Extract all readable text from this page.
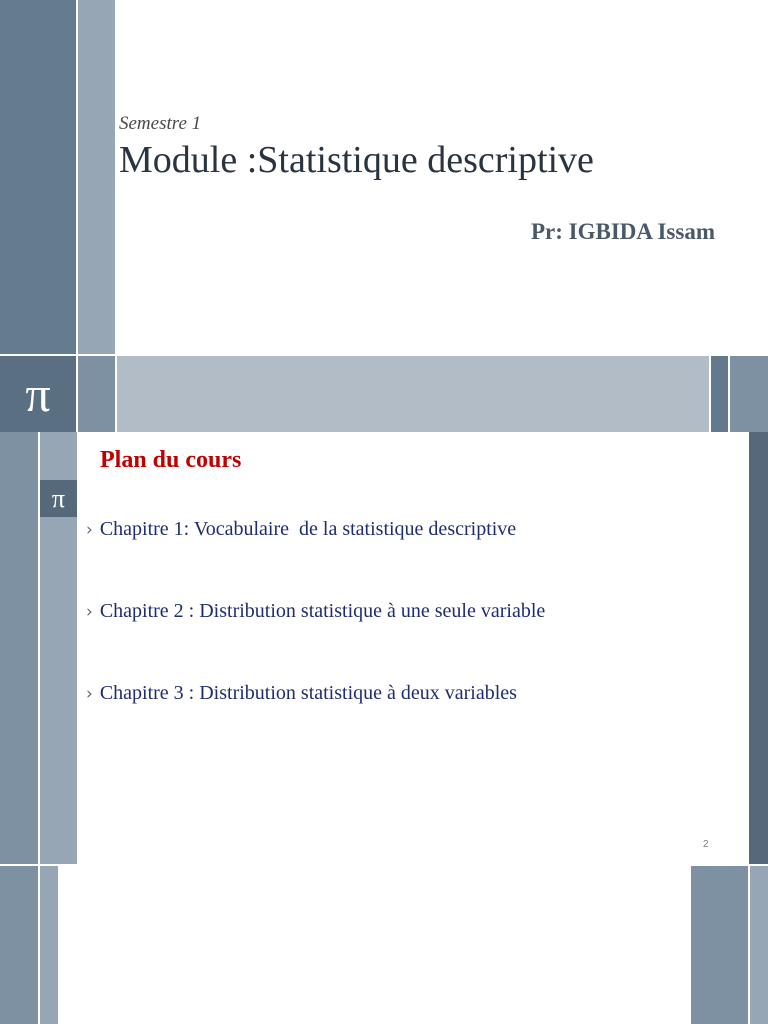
Semestre 1
Module :Statistique descriptive
Pr: IGBIDA Issam
π
π
Plan du cours
› Chapitre 1: Vocabulaire  de la statistique descriptive
› Chapitre 2 : Distribution statistique à une seule variable
› Chapitre 3 : Distribution statistique à deux variables
2
